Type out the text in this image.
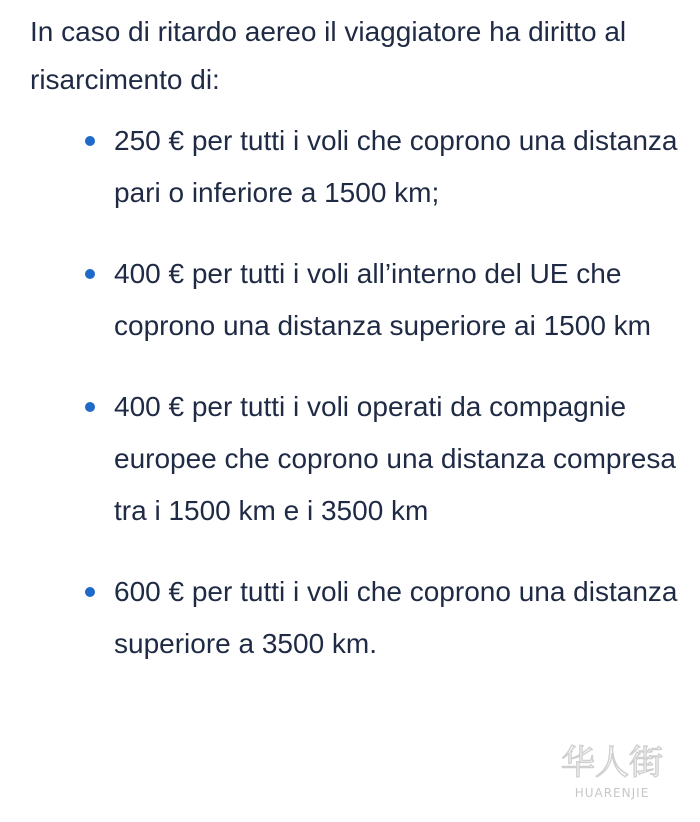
In caso di ritardo aereo il viaggiatore ha diritto al risarcimento di:

250 € per tutti i voli che coprono una distanza pari o inferiore a 1500 km;
400 € per tutti i voli all’interno del UE che coprono una distanza superiore ai 1500 km
400 € per tutti i voli operati da compagnie europee che coprono una distanza compresa tra i 1500 km e i 3500 km
600 € per tutti i voli che coprono una distanza superiore a 3500 km.
华人街
HUARENJIE
